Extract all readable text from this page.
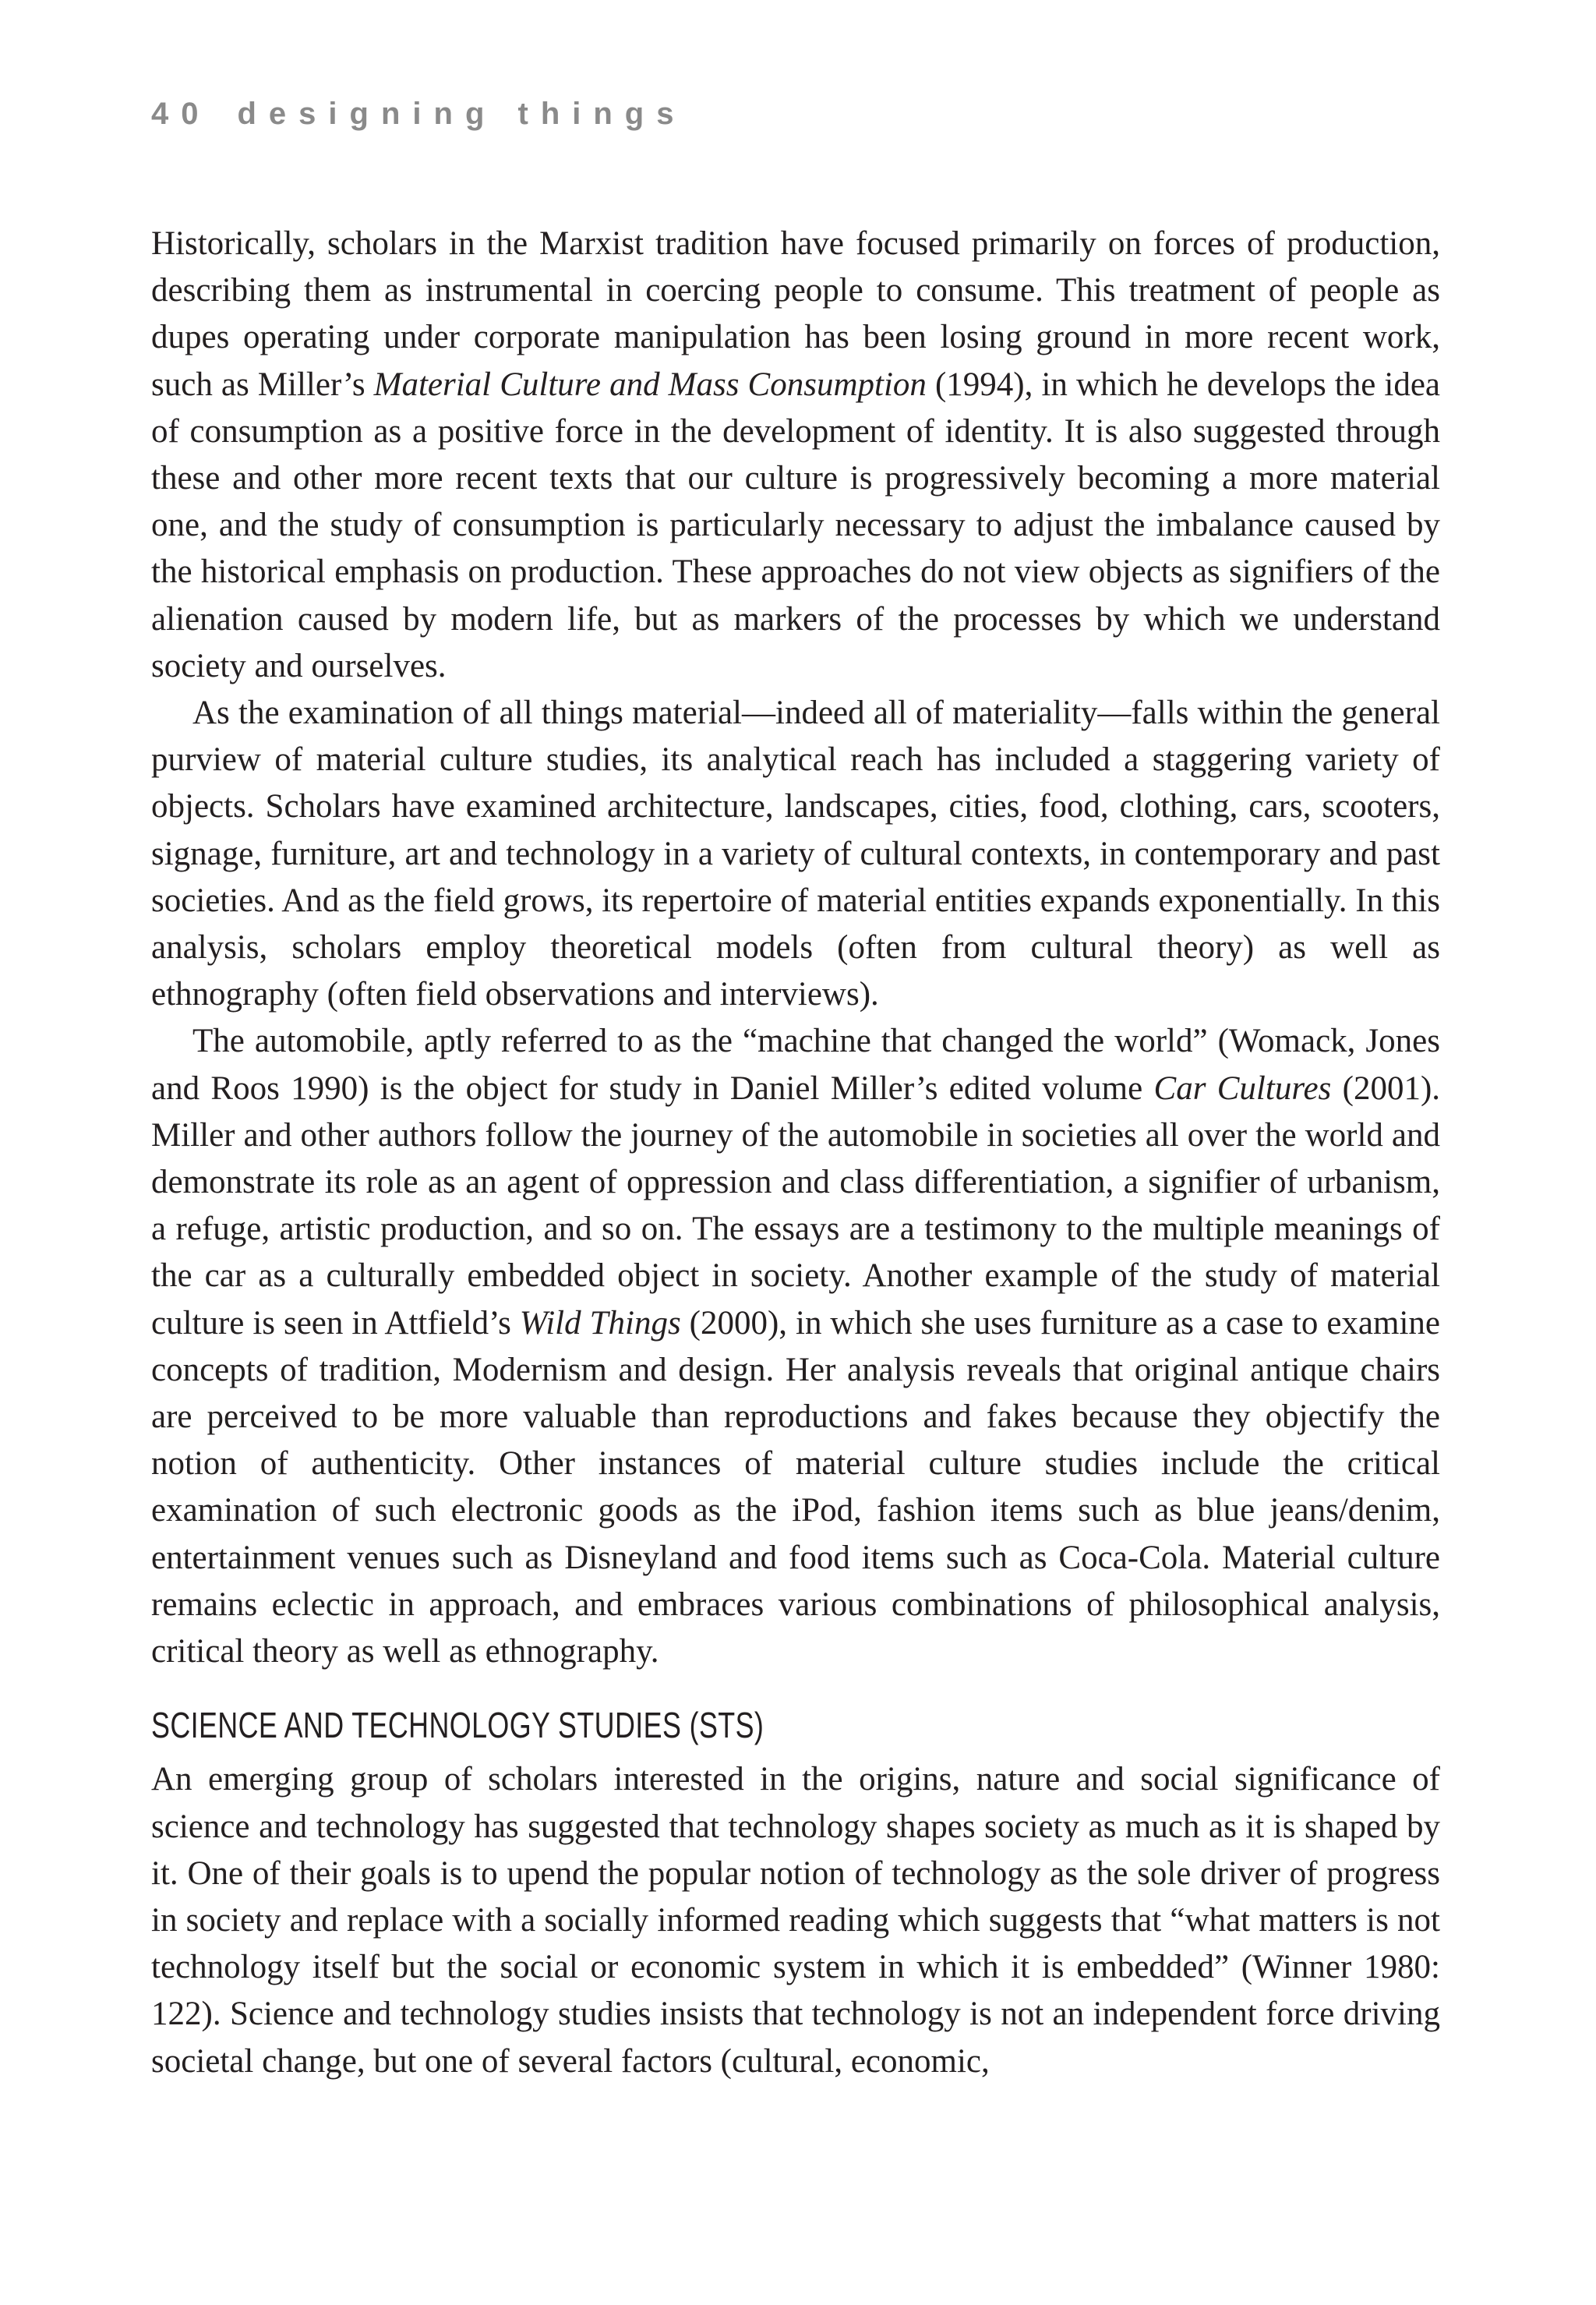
40 designing things

Historically, scholars in the Marxist tradition have focused primarily on forces of production, describing them as instrumental in coercing people to consume. This treatment of people as dupes operating under corporate manipulation has been losing ground in more recent work, such as Miller’s Material Culture and Mass Consumption (1994), in which he develops the idea of consumption as a positive force in the development of identity. It is also suggested through these and other more recent texts that our culture is progressively becoming a more material one, and the study of consumption is particularly necessary to adjust the imbalance caused by the historical emphasis on production. These approaches do not view objects as signifiers of the alienation caused by modern life, but as markers of the processes by which we understand society and ourselves.

As the examination of all things material—indeed all of materiality—falls within the general purview of material culture studies, its analytical reach has included a staggering variety of objects. Scholars have examined architecture, landscapes, cities, food, clothing, cars, scooters, signage, furniture, art and technology in a variety of cultural contexts, in contemporary and past societies. And as the field grows, its repertoire of material entities expands exponentially. In this analysis, scholars employ theoretical models (often from cultural theory) as well as ethnography (often field observations and interviews).

The automobile, aptly referred to as the “machine that changed the world” (Womack, Jones and Roos 1990) is the object for study in Daniel Miller’s edited volume Car Cultures (2001). Miller and other authors follow the journey of the automobile in societies all over the world and demonstrate its role as an agent of oppression and class differentiation, a signifier of urbanism, a refuge, artistic production, and so on. The essays are a testimony to the multiple meanings of the car as a culturally embedded object in society. Another example of the study of material culture is seen in Attfield’s Wild Things (2000), in which she uses furniture as a case to examine concepts of tradition, Modernism and design. Her analysis reveals that original antique chairs are perceived to be more valuable than reproductions and fakes because they objectify the notion of authenticity. Other instances of material culture studies include the critical examination of such electronic goods as the iPod, fashion items such as blue jeans/denim, entertainment venues such as Disneyland and food items such as Coca-Cola. Material culture remains eclectic in approach, and embraces various combinations of philosophical analysis, critical theory as well as ethnography.

SCIENCE AND TECHNOLOGY STUDIES (STS)

An emerging group of scholars interested in the origins, nature and social significance of science and technology has suggested that technology shapes society as much as it is shaped by it. One of their goals is to upend the popular notion of technology as the sole driver of progress in society and replace with a socially informed reading which suggests that “what matters is not technology itself but the social or economic system in which it is embedded” (Winner 1980: 122). Science and technology studies insists that technology is not an independent force driving societal change, but one of several factors (cultural, economic,
